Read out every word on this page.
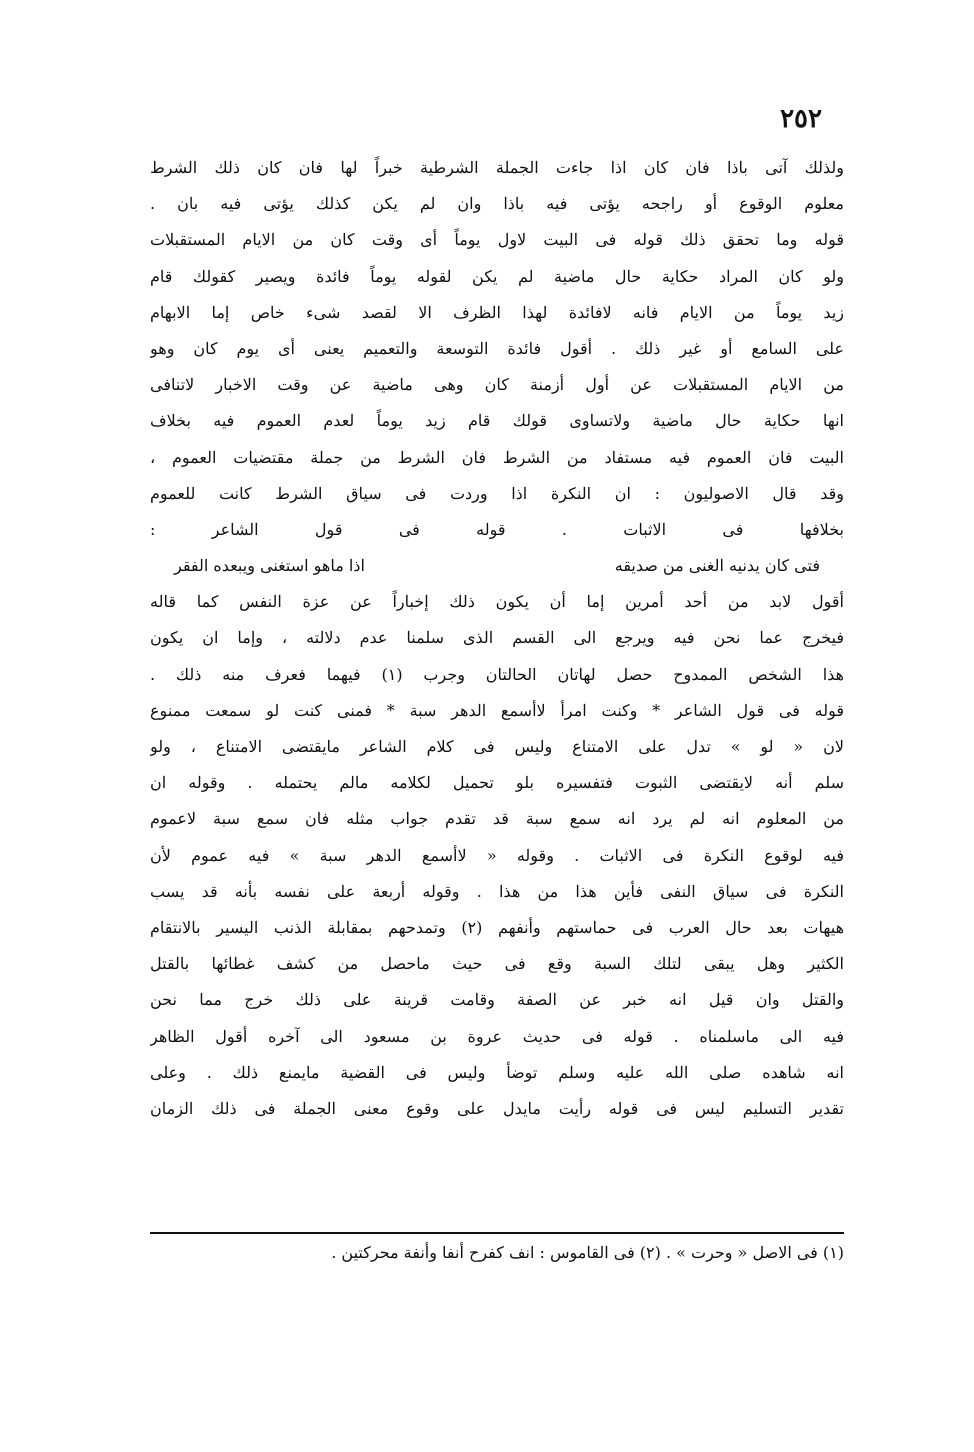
٢٥٢
ولذلك آتى باذا فان كان اذا جاءت الجملة الشرطية خبراً لها فان كان ذلك الشرط
معلوم الوقوع أو راجحه يؤتى فيه باذا وان لم يكن كذلك يؤتى فيه بان .
قوله وما تحقق ذلك قوله فى البيت لاول يوماً أى وقت كان من الايام المستقبلات
ولو كان المراد حكاية حال ماضية لم يكن لقوله يوماً فائدة ويصير كقولك قام
زيد يوماً من الايام فانه لافائدة لهذا الظرف الا لقصد شىء خاص إما الابهام
على السامع أو غير ذلك . أقول فائدة التوسعة والتعميم يعنى أى يوم كان وهو
من الايام المستقبلات عن أول أزمنة كان وهى ماضية عن وقت الاخبار لاتنافى
انها حكاية حال ماضية ولاتساوى قولك قام زيد يوماً لعدم العموم فيه بخلاف
البيت فان العموم فيه مستفاد من الشرط فان الشرط من جملة مقتضيات العموم ،
وقد قال الاصوليون : ان النكرة اذا وردت فى سياق الشرط كانت للعموم
بخلافها فى الاثبات . قوله فى قول الشاعر :
فتى كان يدنيه الغنى من صديقه
اذا ماهو استغنى ويبعده الفقر
أقول لابد من أحد أمرين إما أن يكون ذلك إخباراً عن عزة النفس كما قاله
فيخرج عما نحن فيه ويرجع الى القسم الذى سلمنا عدم دلالته ، وإما ان يكون
هذا الشخص الممدوح حصل لهاتان الحالتان وجرب (١) فيهما فعرف منه ذلك .
قوله فى قول الشاعر * وكنت امرأ لاأسمع الدهر سبة * فمنى كنت لو سمعت ممنوع
لان « لو » تدل على الامتناع وليس فى كلام الشاعر مايقتضى الامتناع ، ولو
سلم أنه لايقتضى الثبوت فتفسيره بلو تحميل لكلامه مالم يحتمله . وقوله ان
من المعلوم انه لم يرد انه سمع سبة قد تقدم جواب مثله فان سمع سبة لاعموم
فيه لوقوع النكرة فى الاثبات . وقوله « لاأسمع الدهر سبة » فيه عموم لأن
النكرة فى سياق النفى فأين هذا من هذا . وقوله أربعة على نفسه بأنه قد يسب
هيهات بعد حال العرب فى حماستهم وأنفهم (٢) وتمدحهم بمقابلة الذنب اليسير بالانتقام
الكثير وهل يبقى لتلك السبة وقع فى حيث ماحصل من كشف غطائها بالقتل
والقتل وان قيل انه خبر عن الصفة وقامت قرينة على ذلك خرج مما نحن
فيه الى ماسلمناه . قوله فى حديث عروة بن مسعود الى آخره أقول الظاهر
انه شاهده صلى الله عليه وسلم توضأ وليس فى القضية مايمنع ذلك . وعلى
تقدير التسليم ليس فى قوله رأيت مايدل على وقوع معنى الجملة فى ذلك الزمان
(١) فى الاصل « وحرت » . (٢) فى القاموس : انف كفرح أنفا وأنفة محركتين .
